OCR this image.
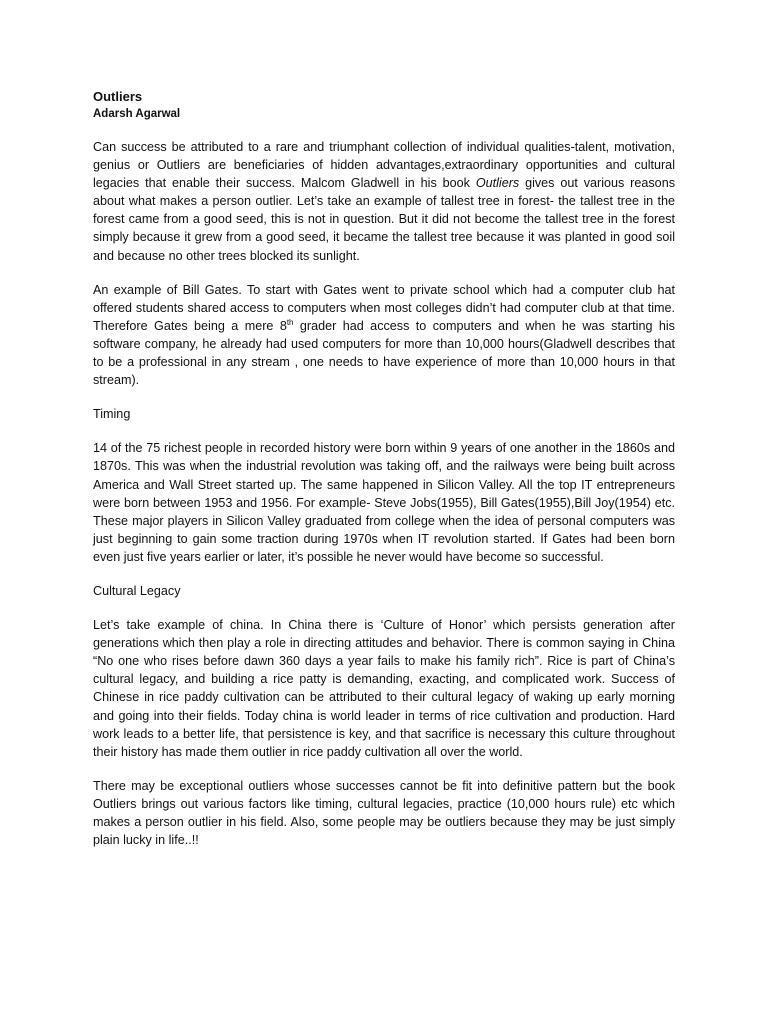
Outliers
Adarsh Agarwal

Can success be attributed to a rare and triumphant collection of individual qualities-talent, motivation, genius or Outliers are beneficiaries of hidden advantages,extraordinary opportunities and cultural legacies that enable their success. Malcom Gladwell in his book Outliers gives out various reasons about what makes a person outlier. Let’s take an example of tallest tree in forest- the tallest tree in the forest came from a good seed, this is not in question. But it did not become the tallest tree in the forest simply because it grew from a good seed, it became the tallest tree because it was planted in good soil and because no other trees blocked its sunlight.

An example of Bill Gates. To start with Gates went to private school which had a computer club hat offered students shared access to computers when most colleges didn’t had computer club at that time. Therefore Gates being a mere 8th grader had access to computers and when he was starting his software company, he already had used computers for more than 10,000 hours(Gladwell describes that to be a professional in any stream , one needs to have experience of more than 10,000 hours in that stream).

Timing

14 of the 75 richest people in recorded history were born within 9 years of one another in the 1860s and 1870s. This was when the industrial revolution was taking off, and the railways were being built across America and Wall Street started up. The same happened in Silicon Valley. All the top IT entrepreneurs were born between 1953 and 1956. For example- Steve Jobs(1955), Bill Gates(1955),Bill Joy(1954) etc. These major players in Silicon Valley graduated from college when the idea of personal computers was just beginning to gain some traction during 1970s when IT revolution started. If Gates had been born even just five years earlier or later, it’s possible he never would have become so successful.

Cultural Legacy

Let’s take example of china. In China there is ‘Culture of Honor’ which persists generation after generations which then play a role in directing attitudes and behavior. There is common saying in China “No one who rises before dawn 360 days a year fails to make his family rich”. Rice is part of China’s cultural legacy, and building a rice patty is demanding, exacting, and complicated work. Success of Chinese in rice paddy cultivation can be attributed to their cultural legacy of waking up early morning and going into their fields. Today china is world leader in terms of rice cultivation and production. Hard work leads to a better life, that persistence is key, and that sacrifice is necessary this culture throughout their history has made them outlier in rice paddy cultivation all over the world.

There may be exceptional outliers whose successes cannot be fit into definitive pattern but the book Outliers brings out various factors like timing, cultural legacies, practice (10,000 hours rule) etc which makes a person outlier in his field. Also, some people may be outliers because they may be just simply plain lucky in life..!!
